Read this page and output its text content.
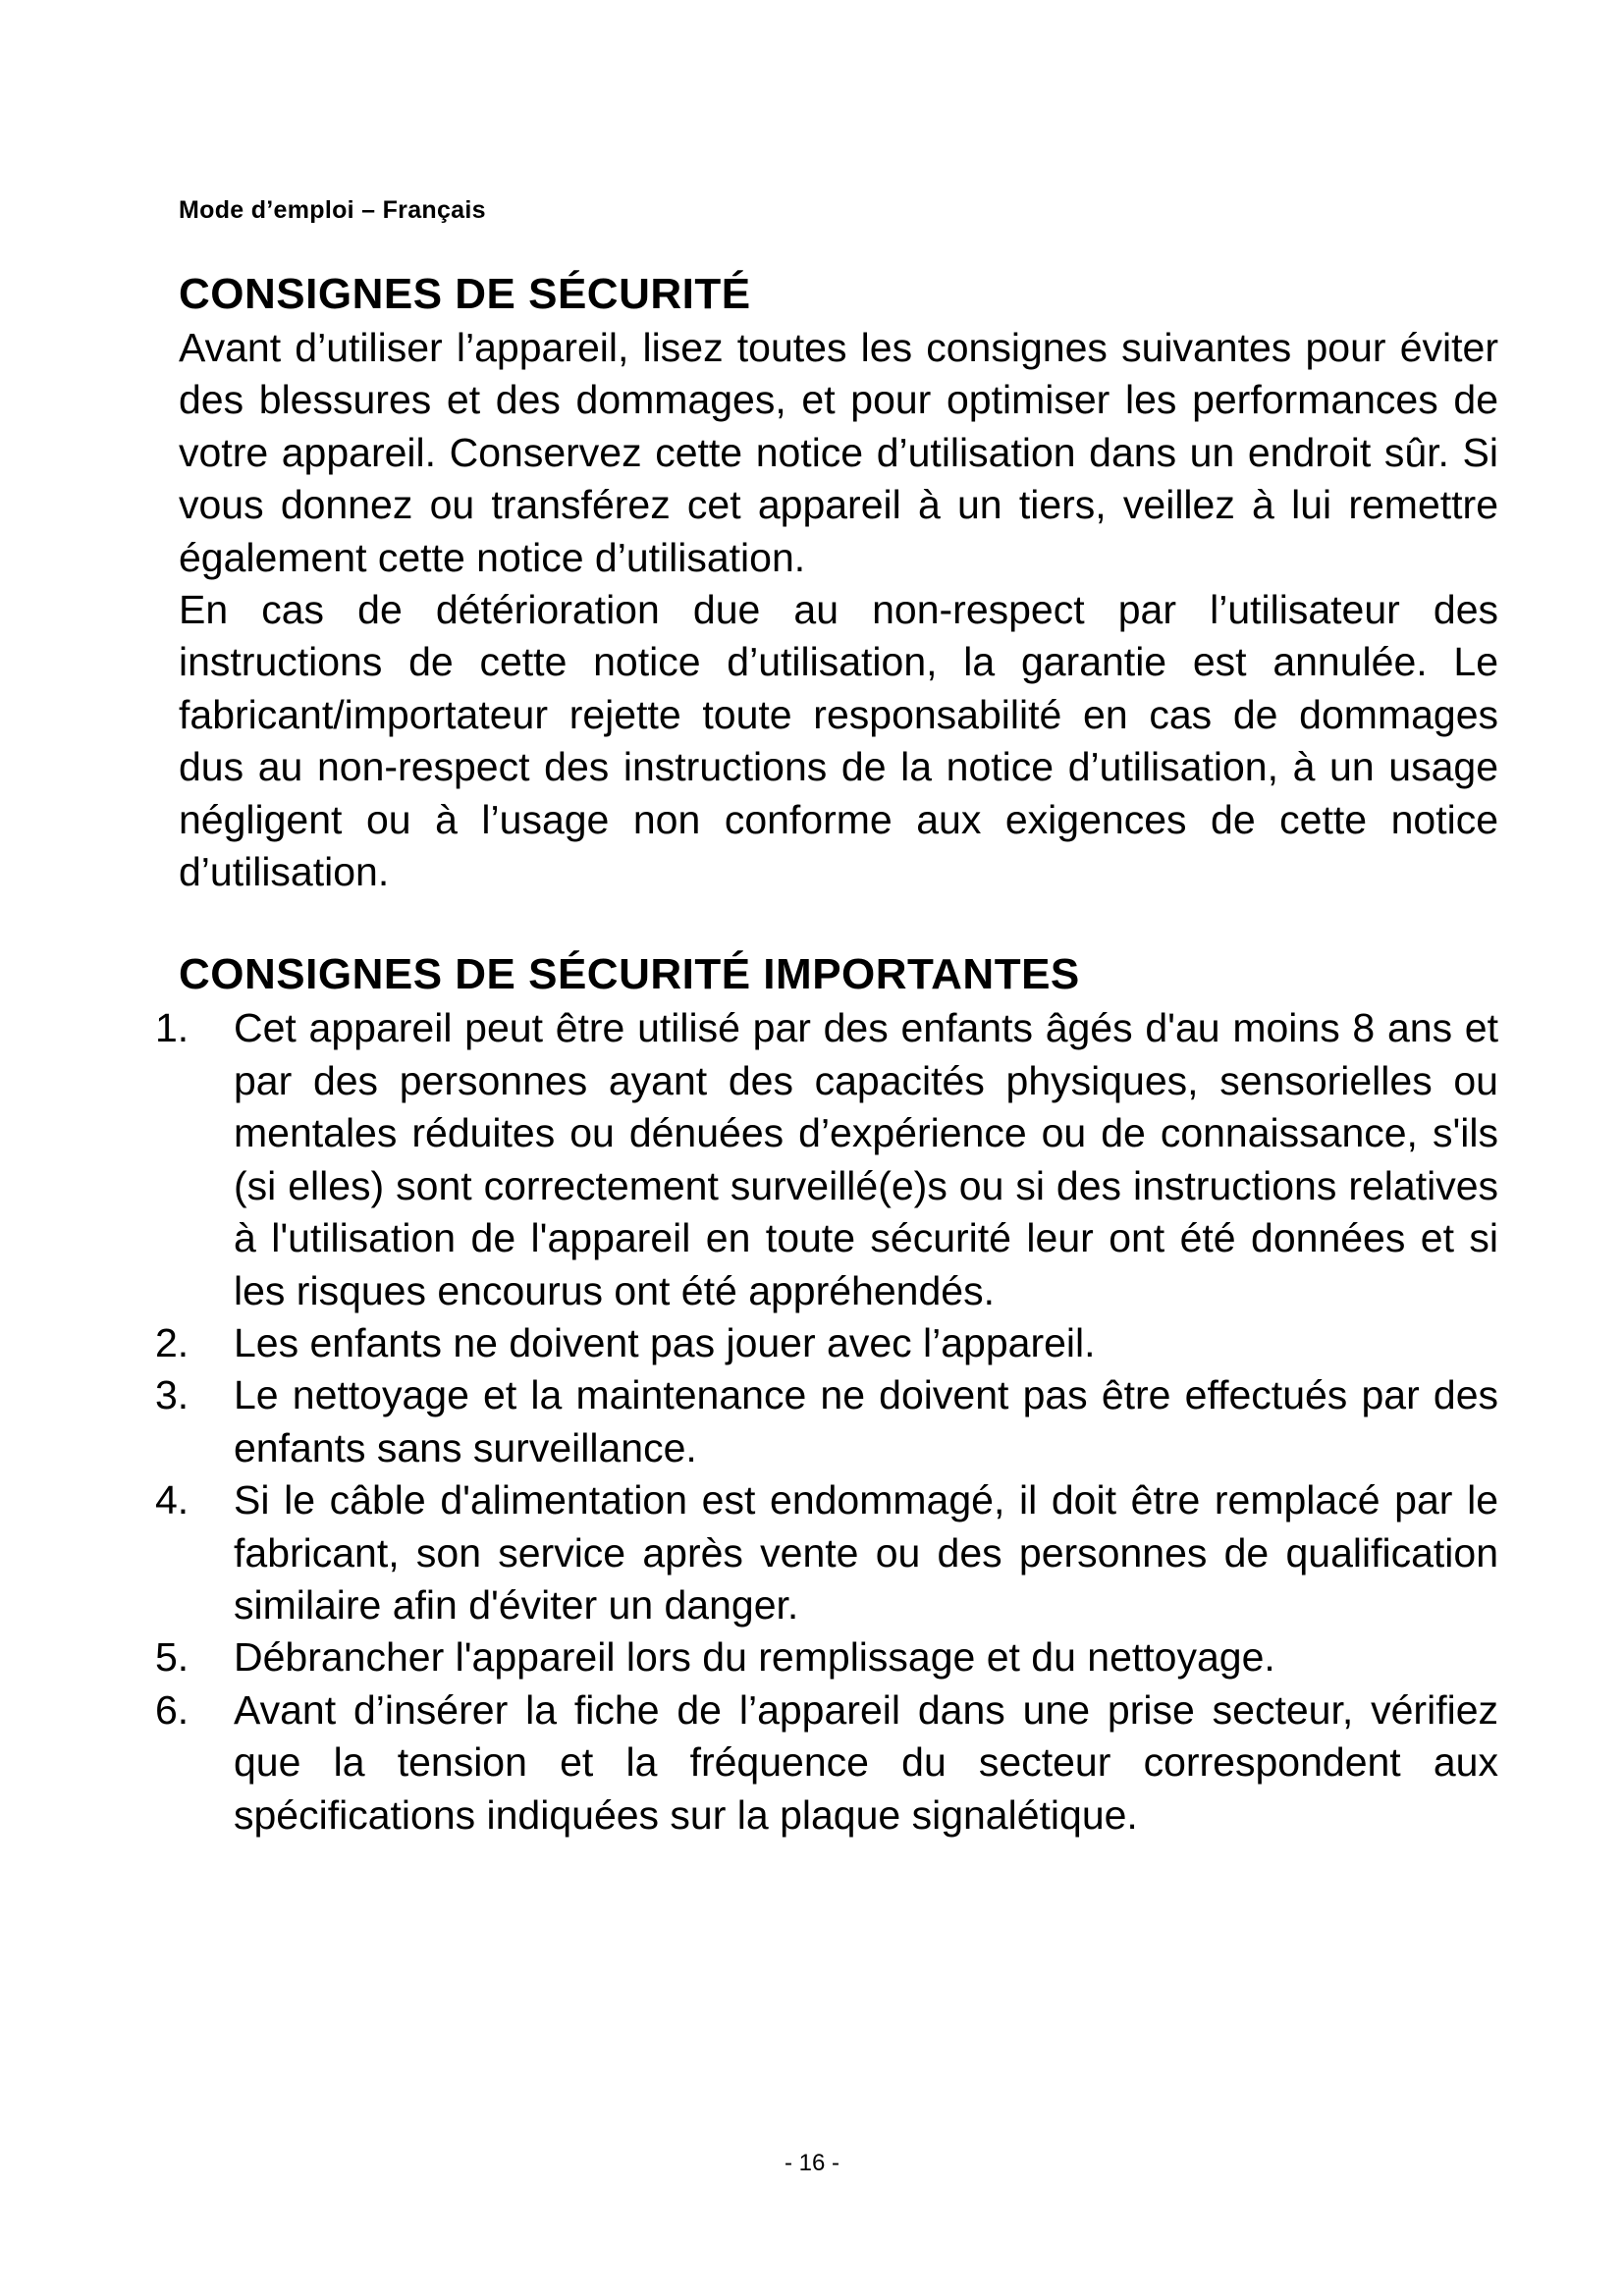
Mode d’emploi – Français
CONSIGNES DE SÉCURITÉ

Avant d’utiliser l’appareil, lisez toutes les consignes suivantes pour éviter des blessures et des dommages, et pour optimiser les performances de votre appareil. Conservez cette notice d’utilisation dans un endroit sûr. Si vous donnez ou transférez cet appareil à un tiers, veillez à lui remettre également cette notice d’utilisation.

En cas de détérioration due au non-respect par l’utilisateur des instructions de cette notice d’utilisation, la garantie est annulée. Le fabricant/importateur rejette toute responsabilité en cas de dommages dus au non-respect des instructions de la notice d’utilisation, à un usage négligent ou à l’usage non conforme aux exigences de cette notice d’utilisation.

CONSIGNES DE SÉCURITÉ IMPORTANTES
1.	Cet appareil peut être utilisé par des enfants âgés d'au moins 8 ans et par des personnes ayant des capacités physiques, sensorielles ou mentales réduites ou dénuées d’expérience ou de connaissance, s'ils (si elles) sont correctement surveillé(e)s ou si des instructions relatives à l'utilisation de l'appareil en toute sécurité leur ont été données et si les risques encourus ont été appréhendés.
2.	Les enfants ne doivent pas jouer avec l’appareil.
3.	Le nettoyage et la maintenance ne doivent pas être effectués par des enfants sans surveillance.
4.	Si le câble d'alimentation est endommagé, il doit être remplacé par le fabricant, son service après vente ou des personnes de qualification similaire afin d'éviter un danger.
5.	Débrancher l'appareil lors du remplissage et du nettoyage.
6.	Avant d’insérer la fiche de l’appareil dans une prise secteur, vérifiez que la tension et la fréquence du secteur correspondent aux spécifications indiquées sur la plaque signalétique.
- 16 -
